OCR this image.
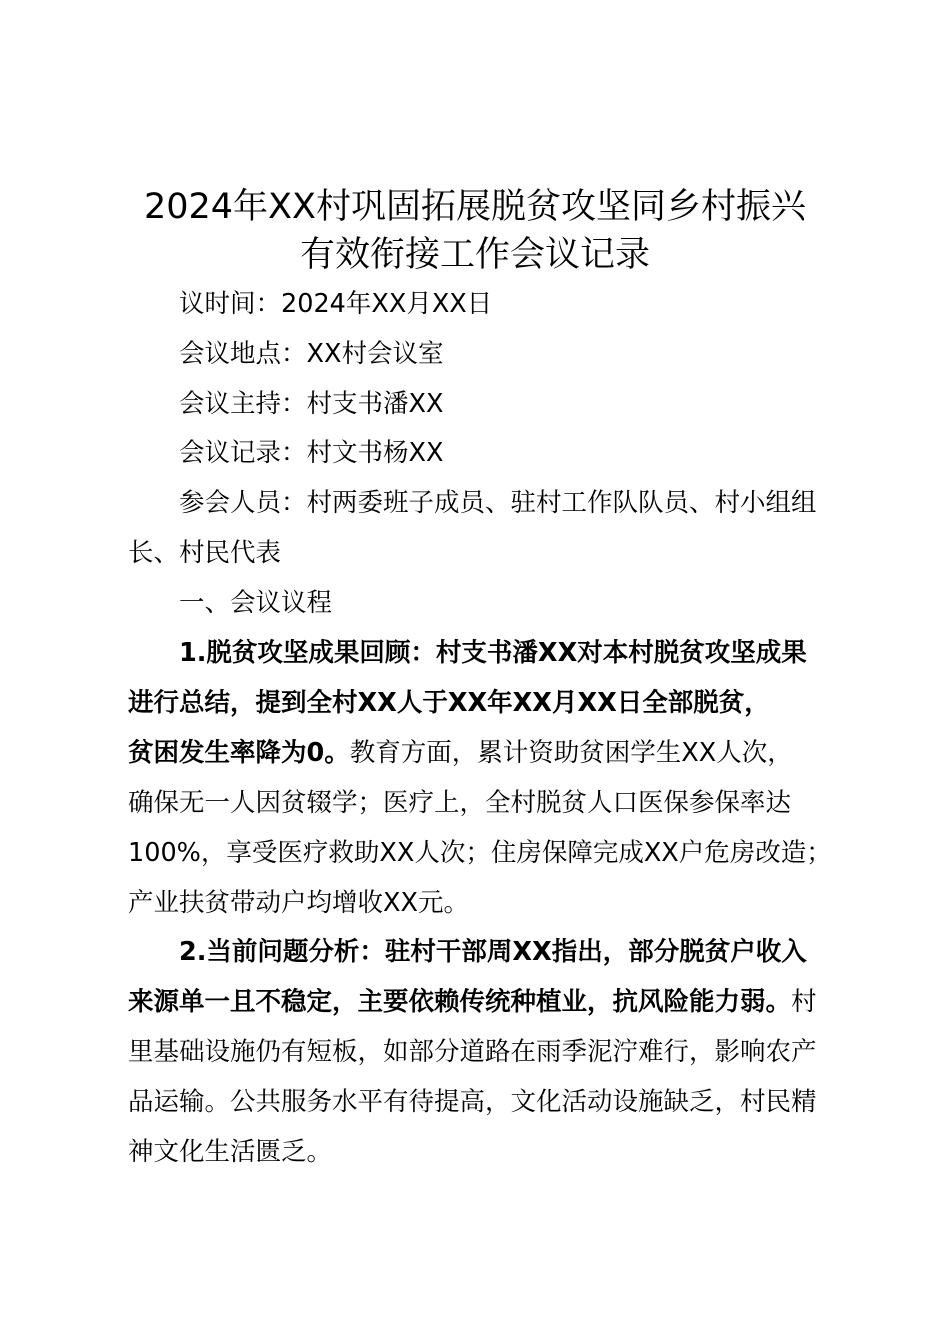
2024年XX村巩固拓展脱贫攻坚同乡村振兴
有效衔接工作会议记录
议时间：2024年XX月XX日
会议地点：XX村会议室
会议主持：村支书潘XX
会议记录：村文书杨XX
参会人员：村两委班子成员、驻村工作队队员、村小组组
长、村民代表
一、会议议程
1.脱贫攻坚成果回顾：村支书潘XX对本村脱贫攻坚成果
进行总结，提到全村XX人于XX年XX月XX日全部脱贫，
贫困发生率降为0。教育方面，累计资助贫困学生XX人次，
确保无一人因贫辍学；医疗上，全村脱贫人口医保参保率达
100%，享受医疗救助XX人次；住房保障完成XX户危房改造；
产业扶贫带动户均增收XX元。
2.当前问题分析：驻村干部周XX指出，部分脱贫户收入
来源单一且不稳定，主要依赖传统种植业，抗风险能力弱。村
里基础设施仍有短板，如部分道路在雨季泥泞难行，影响农产
品运输。公共服务水平有待提高，文化活动设施缺乏，村民精
神文化生活匮乏。
